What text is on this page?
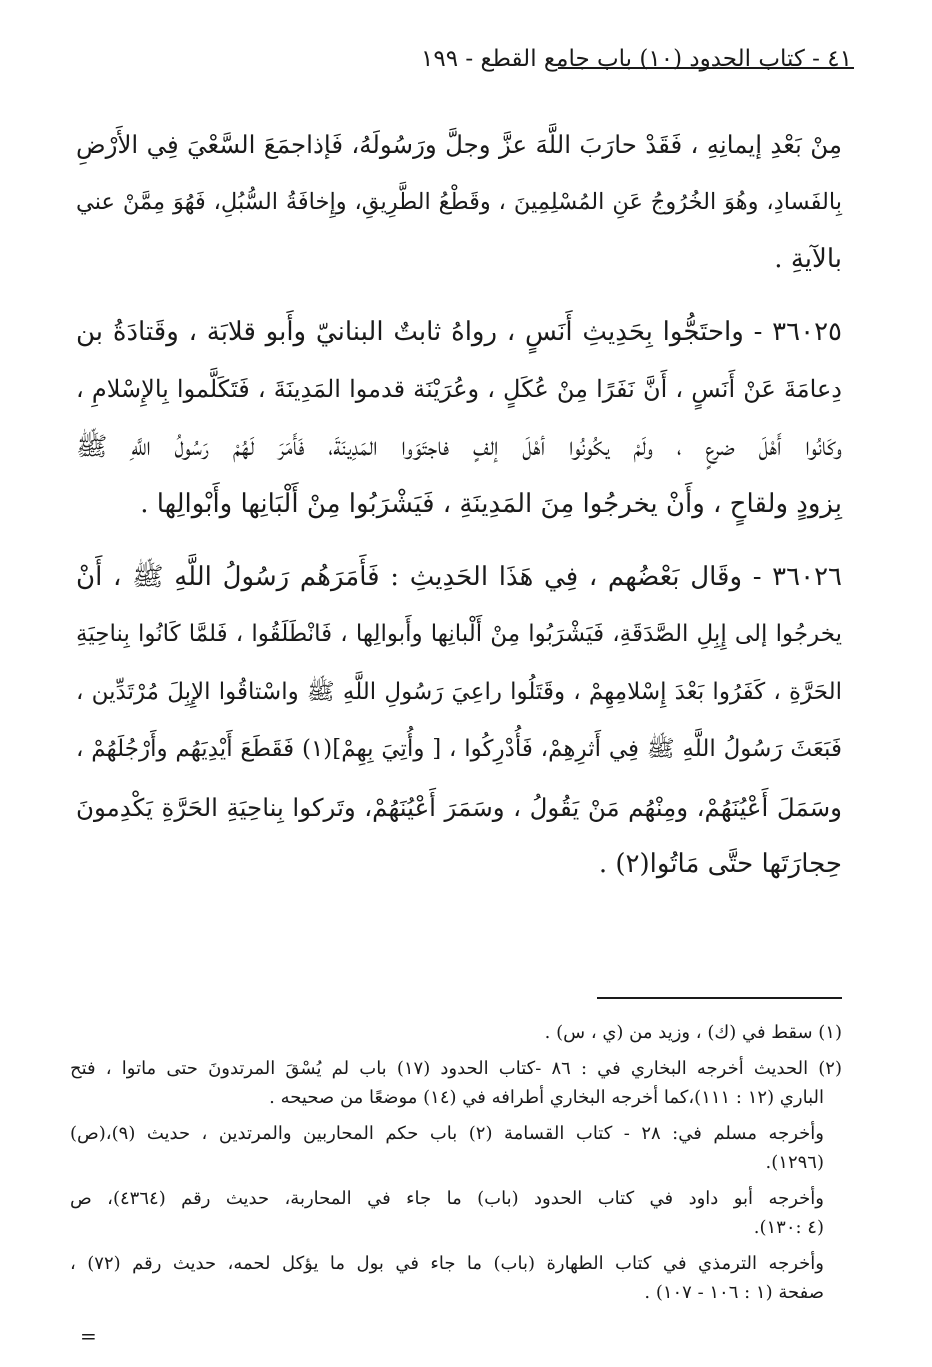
٤١ - كتاب الحدود (١٠) باب جامع القطع - ١٩٩
مِنْ بَعْدِ إيمانِهِ ، فَقَدْ حارَبَ اللَّهَ عزَّ وجلَّ ورَسُولَهُ، فَإذاجمَعَ السَّعْيَ فِي الأَرْضِ
بِالفَسادِ، وهُوَ الخُرُوجُ عَنِ المُسْلِمِينَ ، وقَطْعُ الطَّرِيقِ، وإِخافَةُ السُّبُلِ، فَهُوَ مِمَّنْ عني
بالآيةِ .
٣٦٠٢٥ - واحتَجُّوا بِحَدِيثِ أَنَسٍ ، رواهُ ثابتٌ البنانيّ وأَبو قلابَة ، وقَتادَةُ بن
دِعامَةَ عَنْ أَنَسٍ ، أَنَّ نَفَرًا مِنْ عُكَلٍ ، وعُرَيْنَة قدموا المَدِينَةَ ، فَتَكَلَّموا بِالإِسْلامِ ،
وكَانُوا أَهْلَ ضرعٍ ، ولَمْ يكُونُوا أهْلَ إلفٍ فاجتَوَوا المَدِينَةَ، فَأَمَرَ لَهُمْ رَسُولُ اللَّهِ ﷺ
بِزودٍ ولقاحٍ ، وأَنْ يخرجُوا مِنَ المَدِينَةِ ، فَيَشْرَبُوا مِنْ أَلْبَانِها وأَبْوالِها .
٣٦٠٢٦ - وقَال بَعْضُهم ، فِي هَذَا الحَدِيثِ : فَأَمَرَهُم رَسُولُ اللَّهِ ﷺ ، أَنْ
يخرجُوا إلى إِبِلِ الصَّدَقَةِ، فَيَشْرَبُوا مِنْ أَلْبانِها وأَبوالِها ، فَانْطَلَقُوا ، فَلمَّا كَانُوا بِناحِيَةِ
الحَرَّةِ ، كَفَرُوا بَعْدَ إِسْلامِهِمْ ، وقَتَلُوا راعِيَ رَسُولِ اللَّهِ ﷺ واسْتاقُوا الإِبِلَ مُرْتَدِّين ،
فَبَعَثَ رَسُولُ اللَّهِ ﷺ فِي أَثرِهِمْ، فَأُدْرِكُوا ، [ وأُتِيَ بِهِمْ](١) فَقَطَعَ أَيْدِيَهُم وأَرْجُلَهُمْ ،
وسَمَلَ أَعْيُنَهُمْ، ومِنْهُم مَنْ يَقُولُ ، وسَمَرَ أَعْيُنَهُمْ، وتَركوا بِناحِيَةِ الحَرَّةِ يَكْدِمونَ
حِجارَتَها حتَّى مَاتُوا(٢) .
(١) سقط في (ك) ، وزيد من (ي ، س) .
(٢) الحديث أخرجه البخاري في : ٨٦ -كتاب الحدود (١٧) باب لم يُسْقَ المرتدونَ حتى ماتوا ، فتح
الباري (١٢ : ١١١)،كما أخرجه البخاري أطرافه في (١٤) موضعًا من صحيحه .
وأخرجه مسلم في: ٢٨ - كتاب القسامة (٢) باب حكم المحاربين والمرتدين ، حديث (٩)،(ص)
(١٢٩٦).
وأخرجه أبو داود في كتاب الحدود (باب) ما جاء في المحاربة، حديث رقم (٤٣٦٤)، ص
(٤ :١٣٠).
وأخرجه الترمذي في كتاب الطهارة (باب) ما جاء في بول ما يؤكل لحمه، حديث رقم (٧٢) ،
صفحة (١ : ١٠٦ - ١٠٧) .
=
